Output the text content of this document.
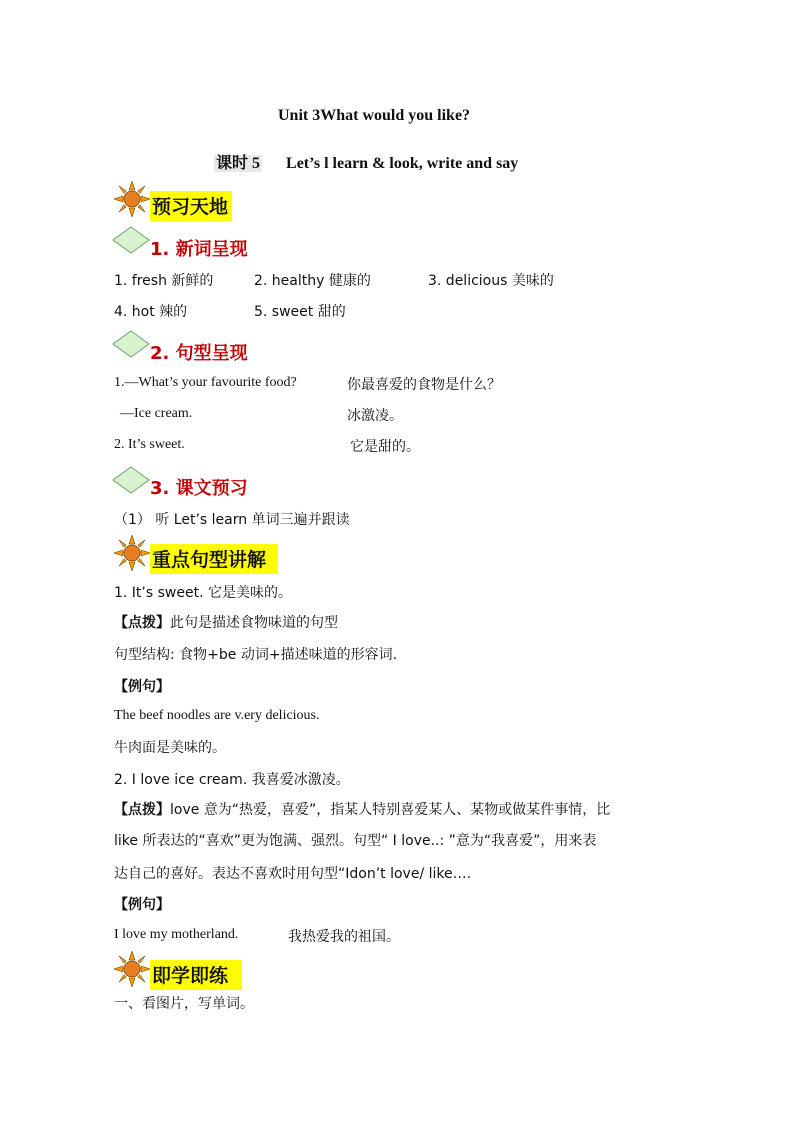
Unit 3What would you like?
课时 5 Let’s l learn & look, write and say
预习天地
1. 新词呈现
1. fresh 新鲜的	2. healthy 健康的	3. delicious 美味的
4. hot 辣的	5. sweet 甜的
2. 句型呈现
1.—What’s your favourite food?	你最喜爱的食物是什么？
—Ice cream.	冰激凌。
2. It’s sweet.	它是甜的。
3. 课文预习
（1） 听 Let’s learn 单词三遍并跟读
重点句型讲解
1. It’s sweet. 它是美味的。
【点拨】此句是描述食物味道的句型
句型结构: 食物+be 动词+描述味道的形容词.
【例句】
The beef noodles are v.ery delicious.
牛肉面是美味的。
2. I love ice cream. 我喜爱冰激凌。
【点拨】love 意为“热爱，喜爱”，指某人特别喜爱某人、某物或做某件事情，比
like 所表达的“喜欢”更为饱满、强烈。句型“ I love..: ”意为“我喜爱”，用来表
达自己的喜好。表达不喜欢时用句型“Idon’t love/ like….
【例句】
I love my motherland.	我热爱我的祖国。
即学即练
一、看图片，写单词。
